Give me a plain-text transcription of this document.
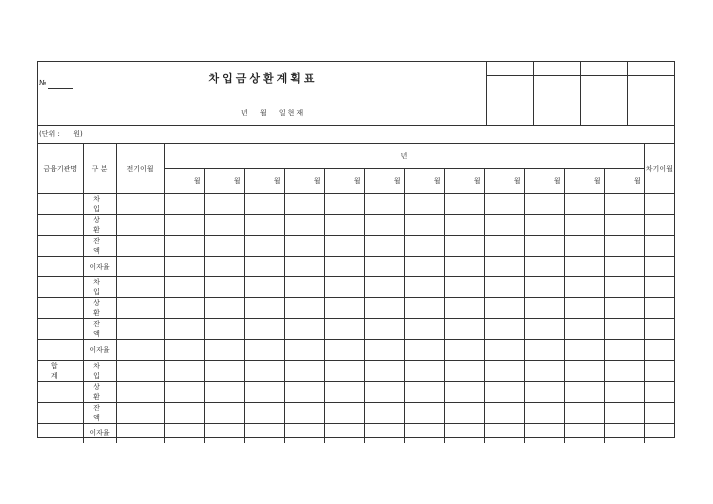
№	차입금상환계획표
년 월 일현재

(단위 :      원)
금융기관명	구 분	전기이월	년												차기이월
			월	월	월	월	월	월	월	월	월	월	월	월	
	차 입														
	상 환														
	잔 액														
	이자율														
	차 입														
	상 환														
	잔 액														
	이자율														
합 계	차 입														
	상 환														
	잔 액														
	이자율														
